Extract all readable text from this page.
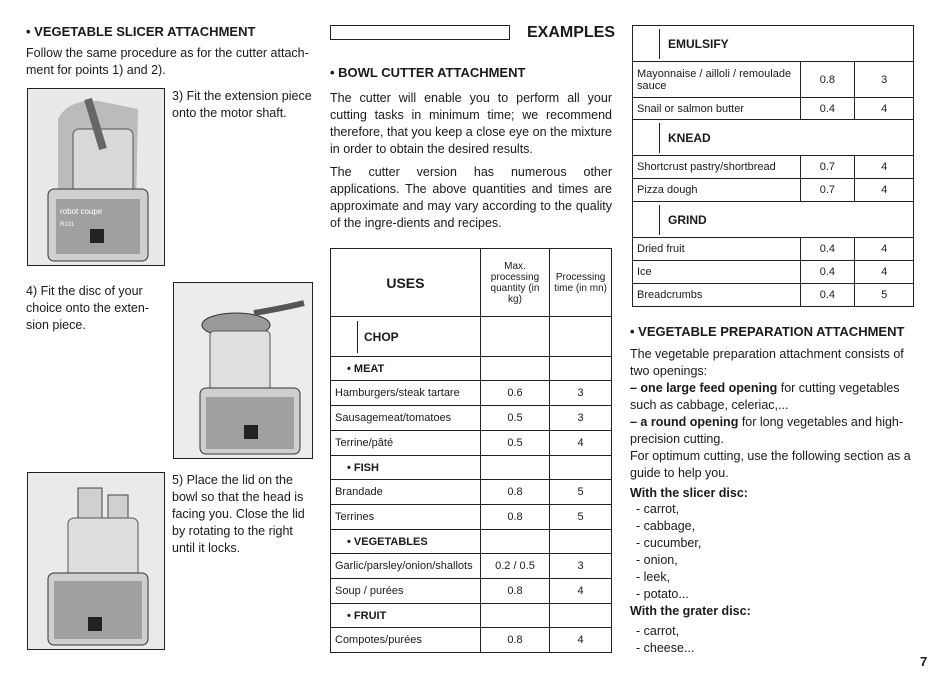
• VEGETABLE SLICER ATTACHMENT
Follow the same procedure as for the cutter attach-ment for points 1) and 2).
robot coupe
R101
3) Fit the extension piece onto the motor shaft.
4) Fit the disc of your choice onto the exten-sion piece.
5) Place the lid on the bowl so that the head is facing you. Close the lid by rotating to the right until it locks.
EXAMPLES
• BOWL CUTTER ATTACHMENT
The cutter will enable you to perform all your cutting tasks in minimum time; we recommend therefore, that you keep a close eye on the mixture in order to obtain the desired results.
The cutter version has numerous other applications. The above quantities and times are approximate and may vary according to the quality of the ingre-dients and recipes.
USES	Max. processing quantity (in kg)	Processing time (in mn)
CHOP		
• MEAT		
Hamburgers/steak tartare	0.6	3
Sausagemeat/tomatoes	0.5	3
Terrine/pâté	0.5	4
• FISH		
Brandade	0.8	5
Terrines	0.8	5
• VEGETABLES		
Garlic/parsley/onion/shallots	0.2 / 0.5	3
Soup / purées	0.8	4
• FRUIT		
Compotes/purées	0.8	4
EMULSIFY		
Mayonnaise / ailloli / remoulade sauce	0.8	3
Snail or salmon butter	0.4	4
KNEAD		
Shortcrust pastry/shortbread	0.7	4
Pizza dough	0.7	4
GRIND		
Dried fruit	0.4	4
Ice	0.4	4
Breadcrumbs	0.4	5
• VEGETABLE PREPARATION ATTACHMENT
The vegetable preparation attachment consists of two openings:
– one large feed opening for cutting vegetables such as cabbage, celeriac,...
– a round opening for long vegetables and high-precision cutting.
For optimum cutting, use the following section as a guide to help you.
With the slicer disc:
- carrot,
- cabbage,
- cucumber,
- onion,
- leek,
- potato...
With the grater disc:
- carrot,
- cheese...
7
